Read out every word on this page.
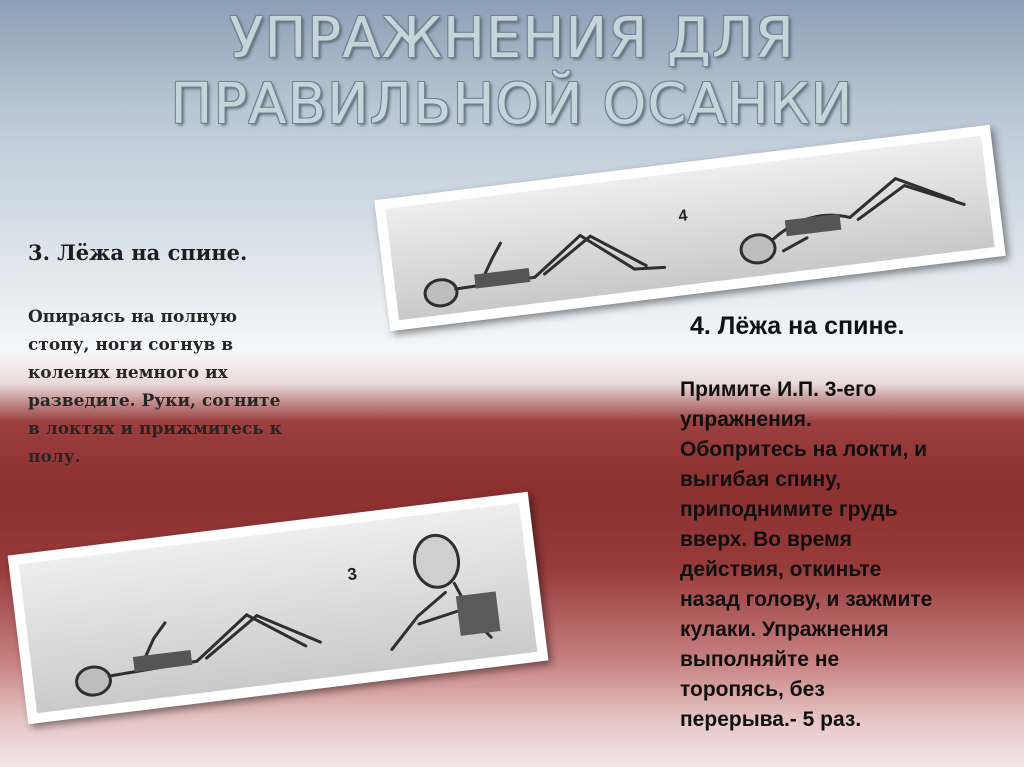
УПРАЖНЕНИЯ ДЛЯ
ПРАВИЛЬНОЙ ОСАНКИ
4
3
3. Лёжа на спине.
Опираясь на полную стопу, ноги согнув в коленях немного их разведите. Руки, согните в локтях и прижмитесь к полу.
4. Лёжа на спине.
Примите И.П. 3-его
упражнения.
Обопритесь на локти, и
выгибая спину,
приподнимите грудь
вверх. Во время
действия, откиньте
назад голову, и зажмите
кулаки. Упражнения
выполняйте не
торопясь, без
перерыва.- 5 раз.
